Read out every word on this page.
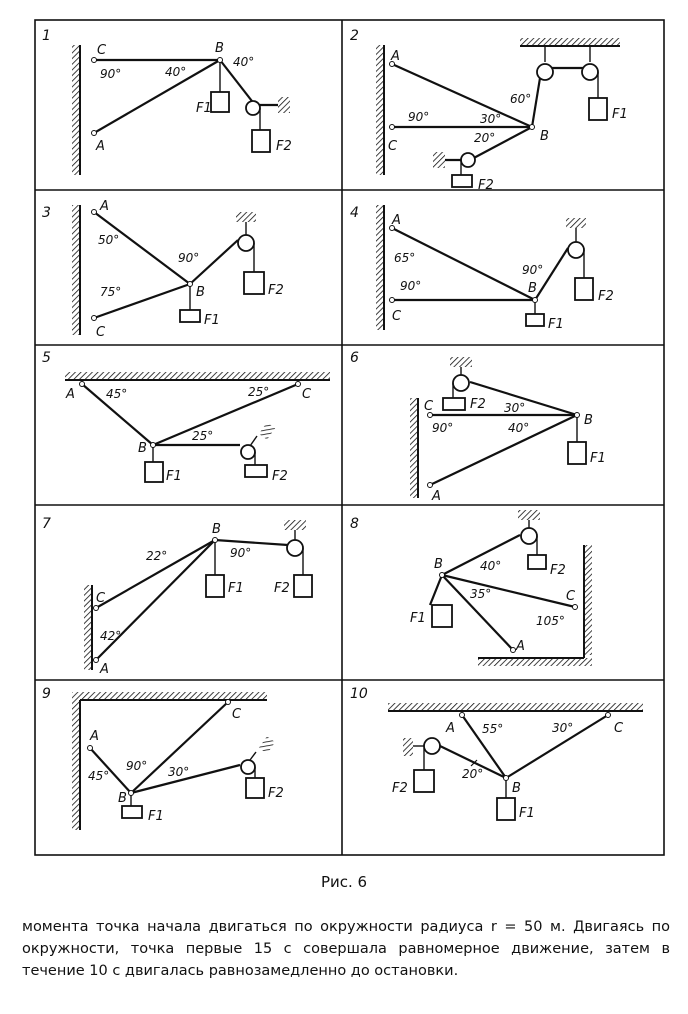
1
C	B
A
F1
F2
90°	40°
40°
2
A
C
B
F1
F2
60°
90°	30°
20°
3	A
C
B
F1
F2
50°
90°
75°
4	A
C
B
F1
F2
65°
90°
90°
5
A	C
B
F1	F2
45°	25°
25°
6
C
B
A
F1
F2 30°
90°	40°
7	B
C
A
F1 F2
22°	90°
42°
8
B
C
A
F1
F2
40°
35°
105°
9
A
C
B
F1
F2
45°
90° 30°
10
A	C
B
F1
F2
55°	30°
20°
Рис. 6
момента точка начала двигаться по окружности радиуса r = 50 м. Двигаясь по окружности, точка первые 15 с совершала равномерное движение, затем в течение 10 с двигалась равнозамедленно до остановки.
